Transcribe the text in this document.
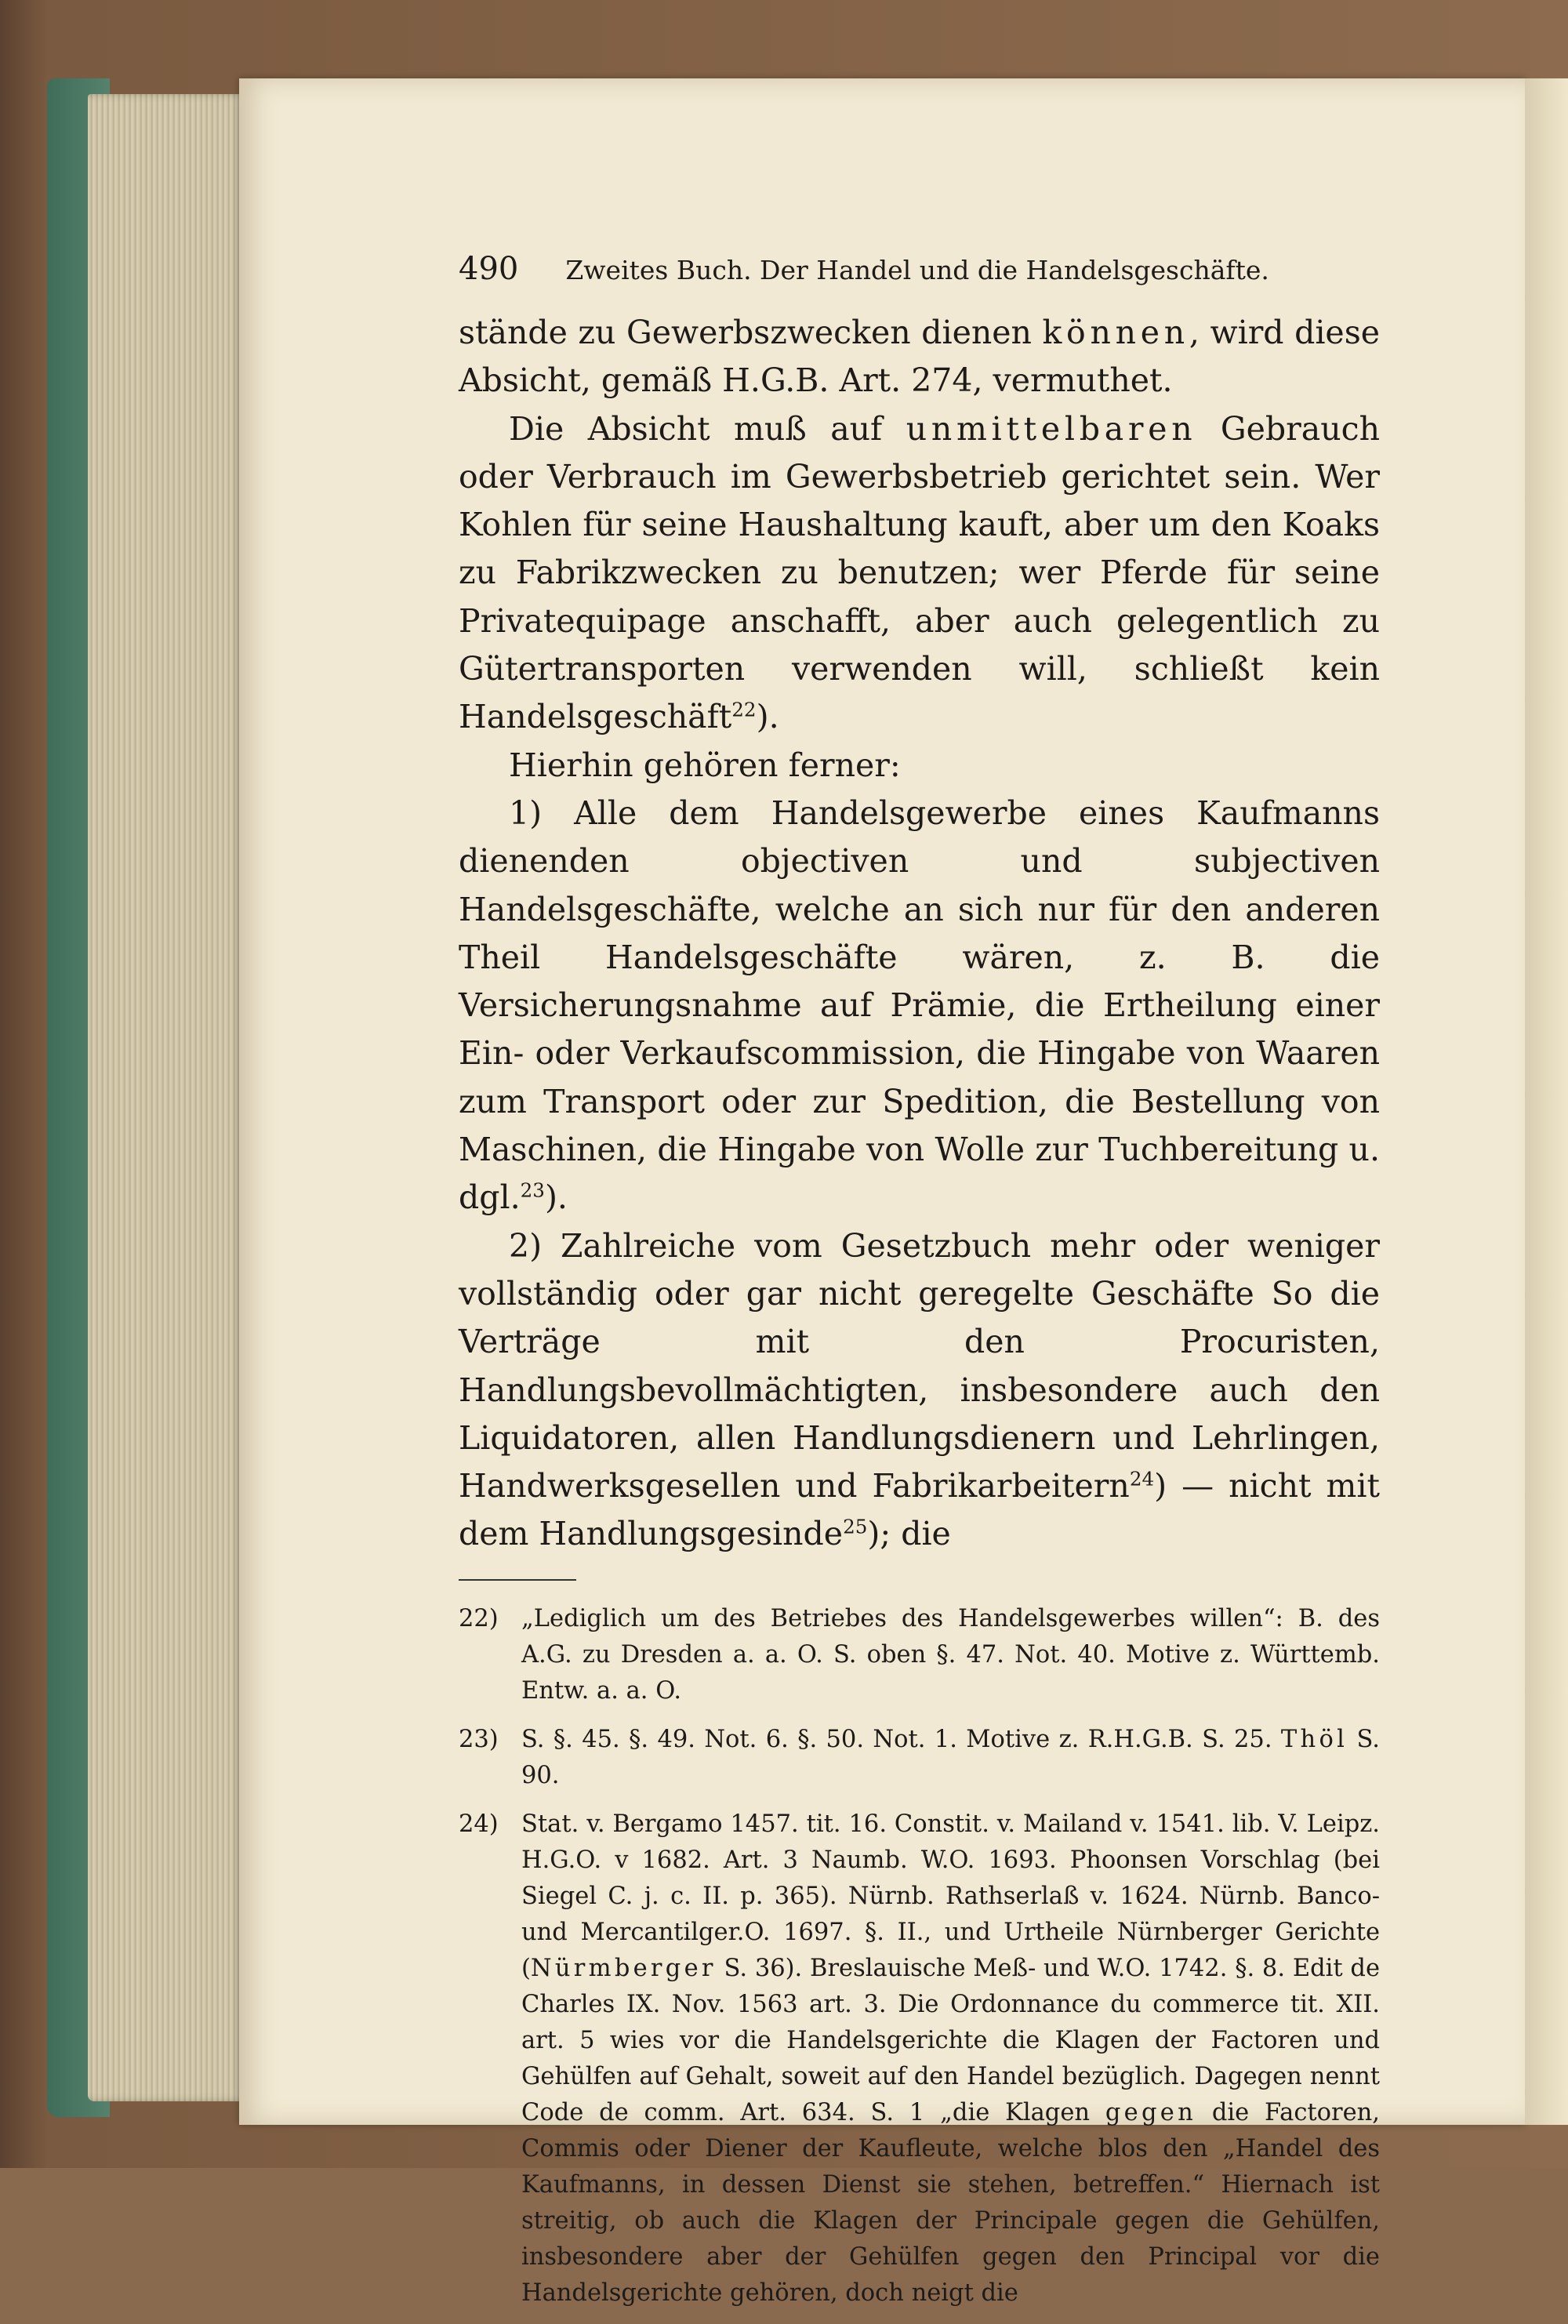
490 Zweites Buch. Der Handel und die Handelsgeschäfte.

stände zu Gewerbszwecken dienen können, wird diese Absicht, gemäß H.G.B. Art. 274, vermuthet.

Die Absicht muß auf unmittelbaren Gebrauch oder Verbrauch im Gewerbsbetrieb gerichtet sein. Wer Kohlen für seine Haushaltung kauft, aber um den Koaks zu Fabrikzwecken zu benutzen; wer Pferde für seine Privatequipage anschafft, aber auch gelegentlich zu Gütertransporten verwenden will, schließt kein Handelsgeschäft$^{22}$).

Hierhin gehören ferner:

1) Alle dem Handelsgewerbe eines Kaufmanns dienenden objectiven und subjectiven Handelsgeschäfte, welche an sich nur für den anderen Theil Handelsgeschäfte wären, z. B. die Versicherungsnahme auf Prämie, die Ertheilung einer Ein- oder Verkaufscommission, die Hingabe von Waaren zum Transport oder zur Spedition, die Bestellung von Maschinen, die Hingabe von Wolle zur Tuchbereitung u. dgl.$^{23}$).

2) Zahlreiche vom Gesetzbuch mehr oder weniger vollständig oder gar nicht geregelte Geschäfte So die Verträge mit den Procuristen, Handlungsbevollmächtigten, insbesondere auch den Liquidatoren, allen Handlungsdienern und Lehrlingen, Handwerksgesellen und Fabrikarbeitern$^{24}$) — nicht mit dem Handlungsgesinde$^{25}$); die

22) „Lediglich um des Betriebes des Handelsgewerbes willen“: B. des A.G. zu Dresden a. a. O. S. oben §. 47. Not. 40. Motive z. Württemb. Entw. a. a. O.
23) S. §. 45. §. 49. Not. 6. §. 50. Not. 1. Motive z. R.H.G.B. S. 25. Thöl S. 90.
24) Stat. v. Bergamo 1457. tit. 16. Constit. v. Mailand v. 1541. lib. V. Leipz. H.G.O. v 1682. Art. 3 Naumb. W.O. 1693. Phoonsen Vorschlag (bei Siegel C. j. c. II. p. 365). Nürnb. Rathserlaß v. 1624. Nürnb. Banco- und Mercantilger.O. 1697. §. II., und Urtheile Nürnberger Gerichte (Nürmberger S. 36). Breslauische Meß- und W.O. 1742. §. 8. Edit de Charles IX. Nov. 1563 art. 3. Die Ordonnance du commerce tit. XII. art. 5 wies vor die Handelsgerichte die Klagen der Factoren und Gehülfen auf Gehalt, soweit auf den Handel bezüglich. Dagegen nennt Code de comm. Art. 634. S. 1 „die Klagen gegen die Factoren, Commis oder Diener der Kaufleute, welche blos den „Handel des Kaufmanns, in dessen Dienst sie stehen, betreffen.“ Hiernach ist streitig, ob auch die Klagen der Principale gegen die Gehülfen, insbesondere aber der Gehülfen gegen den Principal vor die Handelsgerichte gehören, doch neigt die
